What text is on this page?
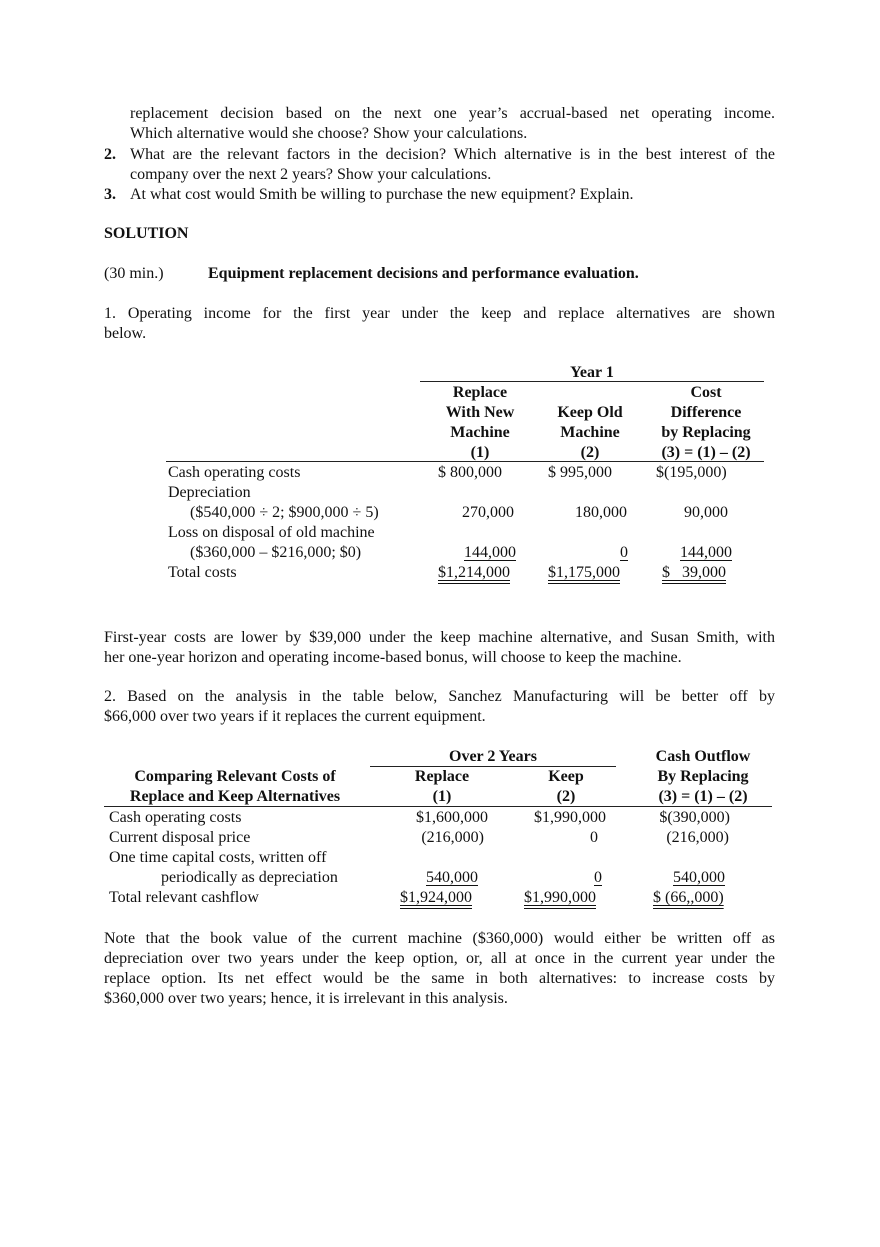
replacement decision based on the next one year’s accrual-based net operating income.
Which alternative would she choose? Show your calculations.
2. What are the relevant factors in the decision? Which alternative is in the best interest of the
company over the next 2 years? Show your calculations.
3. At what cost would Smith be willing to purchase the new equipment? Explain.
SOLUTION
(30 min.)	Equipment replacement decisions and performance evaluation.
1. Operating income for the first year under the keep and replace alternatives are shown
below.
Year 1
Replace
With New
Machine
(1)
Keep Old
Machine
(2)
Cost
Difference
by Replacing
(3) = (1) – (2)
Cash operating costs	$ 800,000	$ 995,000	$(195,000)
Depreciation
($540,000 ÷ 2; $900,000 ÷ 5)	270,000	180,000	90,000
Loss on disposal of old machine
($360,000 – $216,000; $0)	144,000	0	144,000
Total costs	$1,214,000 $1,175,000	$   39,000
First-year costs are lower by $39,000 under the keep machine alternative, and Susan Smith, with
her one-year horizon and operating income-based bonus, will choose to keep the machine.
2. Based on the analysis in the table below, Sanchez Manufacturing will be better off by
$66,000 over two years if it replaces the current equipment.
Over 2 Years
Comparing Relevant Costs of
Replace and Keep Alternatives
Replace
(1)
Keep
(2)
Cash Outflow
By Replacing
(3) = (1) – (2)
Cash operating costs	$1,600,000	$1,990,000	$(390,000)
Current disposal price	(216,000)	0	(216,000)
One time capital costs, written off
periodically as depreciation	540,000	0	540,000
Total relevant cashflow	$1,924,000	$1,990,000	$ (66,,000)
Note that the book value of the current machine ($360,000) would either be written off as
depreciation over two years under the keep option, or, all at once in the current year under the
replace option. Its net effect would be the same in both alternatives: to increase costs by
$360,000 over two years; hence, it is irrelevant in this analysis.
